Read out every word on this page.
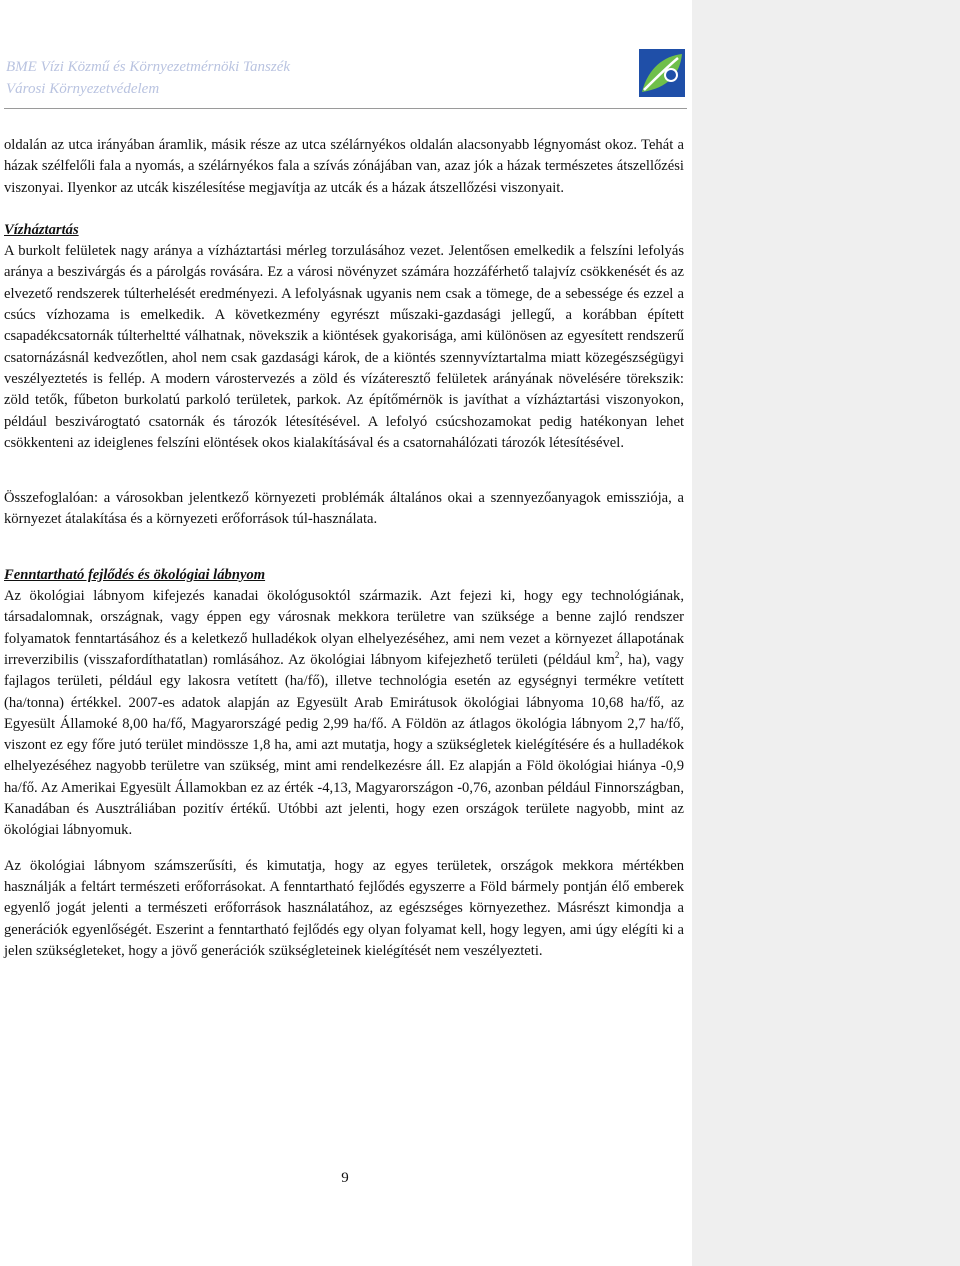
BME Vízi Közmű és Környezetmérnöki Tanszék
Városi Környezetvédelem

oldalán az utca irányában áramlik, másik része az utca szélárnyékos oldalán alacsonyabb légnyomást okoz. Tehát a házak szélfelőli fala a nyomás, a szélárnyékos fala a szívás zónájában van, azaz jók a házak természetes átszellőzési viszonyai. Ilyenkor az utcák kiszélesítése megjavítja az utcák és a házak átszellőzési viszonyait.

Vízháztartás

A burkolt felületek nagy aránya a vízháztartási mérleg torzulásához vezet. Jelentősen emelkedik a felszíni lefolyás aránya a beszivárgás és a párolgás rovására. Ez a városi növényzet számára hozzáférhető talajvíz csökkenését és az elvezető rendszerek túlterhelését eredményezi. A lefolyásnak ugyanis nem csak a tömege, de a sebessége és ezzel a csúcs vízhozama is emelkedik. A következmény egyrészt műszaki-gazdasági jellegű, a korábban épített csapadékcsatornák túlterheltté válhatnak, növekszik a kiöntések gyakorisága, ami különösen az egyesített rendszerű csatornázásnál kedvezőtlen, ahol nem csak gazdasági károk, de a kiöntés szennyvíztartalma miatt közegészségügyi veszélyeztetés is fellép. A modern várostervezés a zöld és vízáteresztő felületek arányának növelésére törekszik: zöld tetők, fűbeton burkolatú parkoló területek, parkok. Az építőmérnök is javíthat a vízháztartási viszonyokon, például beszivárogtató csatornák és tározók létesítésével. A lefolyó csúcshozamokat pedig hatékonyan lehet csökkenteni az ideiglenes felszíni elöntések okos kialakításával és a csatornahálózati tározók létesítésével.

Összefoglalóan: a városokban jelentkező környezeti problémák általános okai a szennyezőanyagok emissziója, a környezet átalakítása és a környezeti erőforrások túl-használata.

Fenntartható fejlődés és ökológiai lábnyom

Az ökológiai lábnyom kifejezés kanadai ökológusoktól származik. Azt fejezi ki, hogy egy technológiának, társadalomnak, országnak, vagy éppen egy városnak mekkora területre van szüksége a benne zajló rendszer folyamatok fenntartásához és a keletkező hulladékok olyan elhelyezéséhez, ami nem vezet a környezet állapotának irreverzibilis (visszafordíthatatlan) romlásához. Az ökológiai lábnyom kifejezhető területi (például $km^2$, ha), vagy fajlagos területi, például egy lakosra vetített (ha/fő), illetve technológia esetén az egységnyi termékre vetített (ha/tonna) értékkel. 2007-es adatok alapján az Egyesült Arab Emirátusok ökológiai lábnyoma 10,68 ha/fő, az Egyesült Államoké 8,00 ha/fő, Magyarországé pedig 2,99 ha/fő. A Földön az átlagos ökológia lábnyom 2,7 ha/fő, viszont ez egy főre jutó terület mindössze 1,8 ha, ami azt mutatja, hogy a szükségletek kielégítésére és a hulladékok elhelyezéséhez nagyobb területre van szükség, mint ami rendelkezésre áll. Ez alapján a Föld ökológiai hiánya -0,9 ha/fő. Az Amerikai Egyesült Államokban ez az érték -4,13, Magyarországon -0,76, azonban például Finnországban, Kanadában és Ausztráliában pozitív értékű. Utóbbi azt jelenti, hogy ezen országok területe nagyobb, mint az ökológiai lábnyomuk.

Az ökológiai lábnyom számszerűsíti, és kimutatja, hogy az egyes területek, országok mekkora mértékben használják a feltárt természeti erőforrásokat. A fenntartható fejlődés egyszerre a Föld bármely pontján élő emberek egyenlő jogát jelenti a természeti erőforrások használatához, az egészséges környezethez. Másrészt kimondja a generációk egyenlőségét. Eszerint a fenntartható fejlődés egy olyan folyamat kell, hogy legyen, ami úgy elégíti ki a jelen szükségleteket, hogy a jövő generációk szükségleteinek kielégítését nem veszélyezteti.

9
